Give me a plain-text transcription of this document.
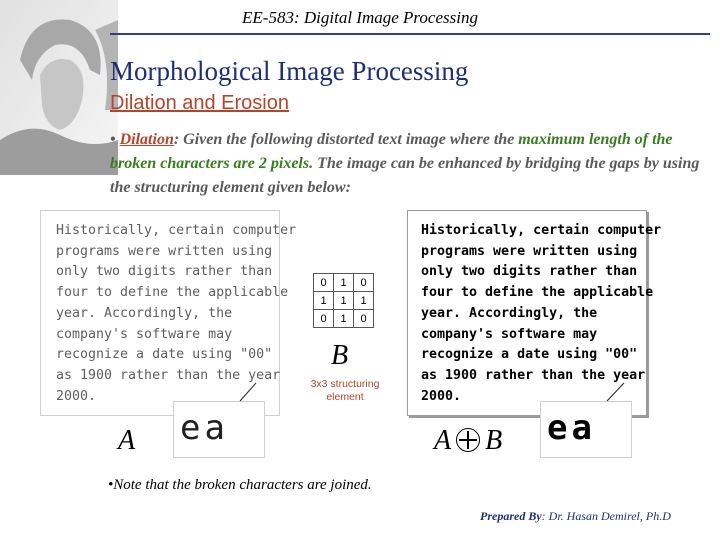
EE-583: Digital Image Processing
Morphological Image Processing
Dilation and Erosion
• Dilation: Given the following distorted text image where the maximum length of the broken characters are 2 pixels. The image can be enhanced by bridging the gaps by using the structuring element given below:
Historically, certain computer
programs were written using
only two digits rather than
four to define the applicable
year. Accordingly, the
company's software may
recognize a date using "00"
as 1900 rather than the year
2000.
Historically, certain computer
programs were written using
only two digits rather than
four to define the applicable
year. Accordingly, the
company's software may
recognize a date using "00"
as 1900 rather than the year
2000.
0	1	0
1	1	1
0	1	0
B
3x3 structuring element
ea	ea
A	A B
•Note that the broken characters are joined.
Prepared By: Dr. Hasan Demirel, Ph.D
